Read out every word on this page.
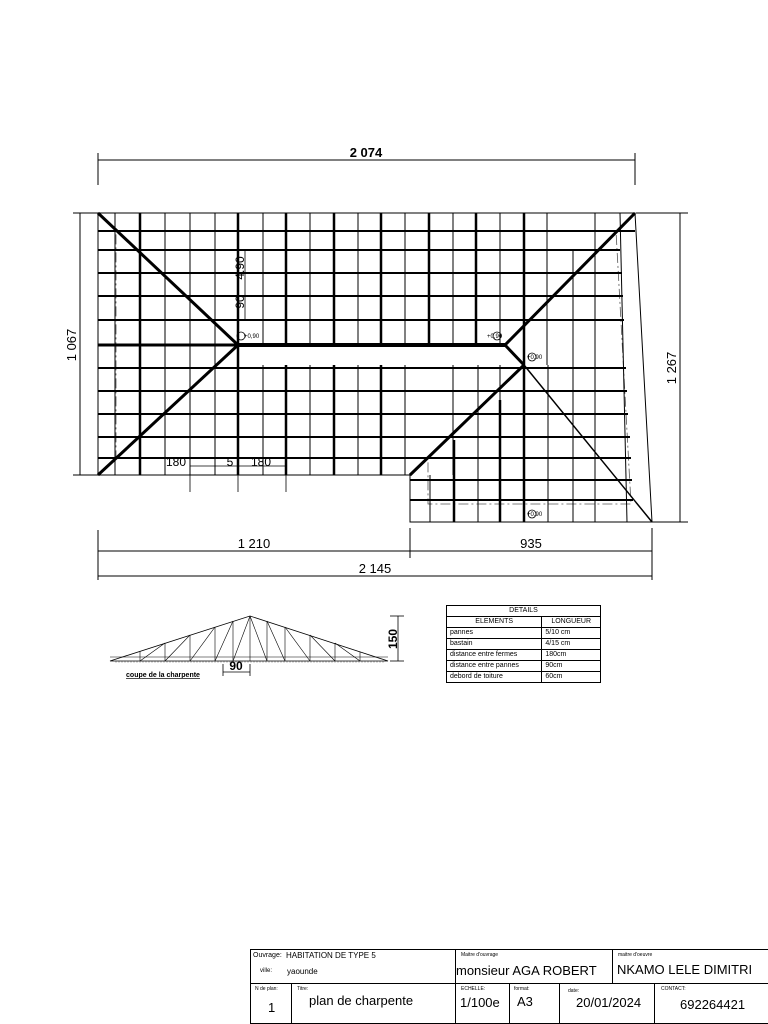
2 074
1 067
1 267
+0,90	+0,90
+0,90
+0,90
4.90
90
180	5 180
1 210	935
2 145
150
90
coupe de la charpente
DETAILS	
ELEMENTS	LONGUEUR
pannes	5/10 cm
bastain	4/15 cm
distance entre fermes	180cm
distance entre pannes	90cm
debord de toiture	60cm
Ouvrage: HABITATION DE TYPE 5
ville: yaounde
Maitre d'ouvrage
monsieur AGA ROBERT
maitre d'oeuvre
NKAMO LELE DIMITRI
N de plan:
1
Titre:
plan de charpente
ECHELLE:
1/100e
format:
A3
date:
20/01/2024
CONTACT:
692264421
